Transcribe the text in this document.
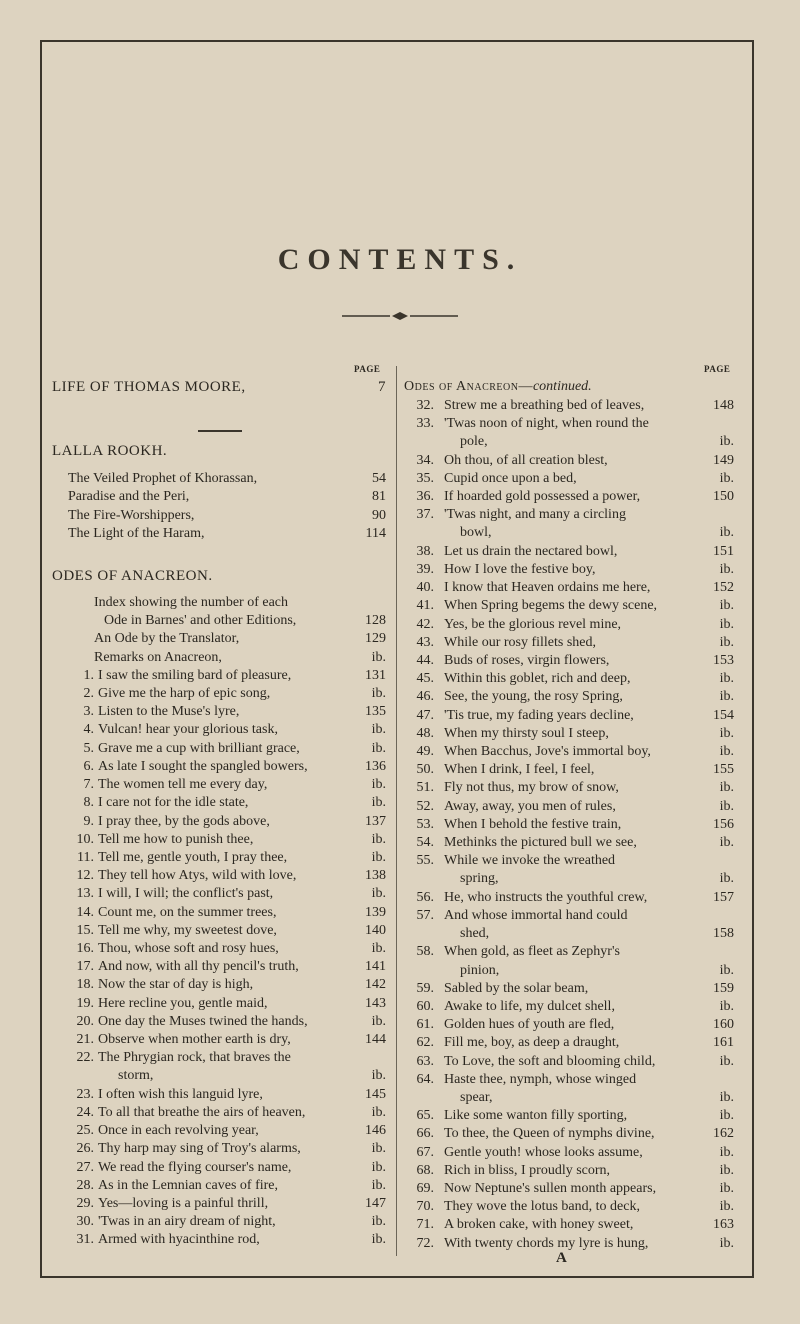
CONTENTS.
PAGE	PAGE
LIFE OF THOMAS MOORE,	7
LALLA ROOKH.
The Veiled Prophet of Khorassan,	54
Paradise and the Peri,	81
The Fire-Worshippers,	90
The Light of the Haram,	114
ODES OF ANACREON.
Index showing the number of each
Ode in Barnes' and other Editions,	128
An Ode by the Translator,	129
Remarks on Anacreon,	ib.
1. I saw the smiling bard of pleasure,	131
2. Give me the harp of epic song,	ib.
3. Listen to the Muse's lyre,	135
4. Vulcan! hear your glorious task,	ib.
5. Grave me a cup with brilliant grace,	ib.
6. As late I sought the spangled bowers,	136
7. The women tell me every day,	ib.
8. I care not for the idle state,	ib.
9. I pray thee, by the gods above,	137
10. Tell me how to punish thee,	ib.
11. Tell me, gentle youth, I pray thee,	ib.
12. They tell how Atys, wild with love,	138
13. I will, I will; the conflict's past,	ib.
14. Count me, on the summer trees,	139
15. Tell me why, my sweetest dove,	140
16. Thou, whose soft and rosy hues,	ib.
17. And now, with all thy pencil's truth,	141
18. Now the star of day is high,	142
19. Here recline you, gentle maid,	143
20. One day the Muses twined the hands,	ib.
21. Observe when mother earth is dry,	144
22. The Phrygian rock, that braves the
storm,	ib.
23. I often wish this languid lyre,	145
24. To all that breathe the airs of heaven,	ib.
25. Once in each revolving year,	146
26. Thy harp may sing of Troy's alarms,	ib.
27. We read the flying courser's name,	ib.
28. As in the Lemnian caves of fire,	ib.
29. Yes—loving is a painful thrill,	147
30. 'Twas in an airy dream of night,	ib.
31. Armed with hyacinthine rod,	ib.
Odes of Anacreon—continued.
32. Strew me a breathing bed of leaves,	148
33. 'Twas noon of night, when round the
pole,	ib.
34. Oh thou, of all creation blest,	149
35. Cupid once upon a bed,	ib.
36. If hoarded gold possessed a power,	150
37. 'Twas night, and many a circling
bowl,	ib.
38. Let us drain the nectared bowl,	151
39. How I love the festive boy,	ib.
40. I know that Heaven ordains me here,	152
41. When Spring begems the dewy scene,	ib.
42. Yes, be the glorious revel mine,	ib.
43. While our rosy fillets shed,	ib.
44. Buds of roses, virgin flowers,	153
45. Within this goblet, rich and deep,	ib.
46. See, the young, the rosy Spring,	ib.
47. 'Tis true, my fading years decline,	154
48. When my thirsty soul I steep,	ib.
49. When Bacchus, Jove's immortal boy,	ib.
50. When I drink, I feel, I feel,	155
51. Fly not thus, my brow of snow,	ib.
52. Away, away, you men of rules,	ib.
53. When I behold the festive train,	156
54. Methinks the pictured bull we see,	ib.
55. While we invoke the wreathed
spring,	ib.
56. He, who instructs the youthful crew,	157
57. And whose immortal hand could
shed,	158
58. When gold, as fleet as Zephyr's
pinion,	ib.
59. Sabled by the solar beam,	159
60. Awake to life, my dulcet shell,	ib.
61. Golden hues of youth are fled,	160
62. Fill me, boy, as deep a draught,	161
63. To Love, the soft and blooming child,	ib.
64. Haste thee, nymph, whose winged
spear,	ib.
65. Like some wanton filly sporting,	ib.
66. To thee, the Queen of nymphs divine,	162
67. Gentle youth! whose looks assume,	ib.
68. Rich in bliss, I proudly scorn,	ib.
69. Now Neptune's sullen month appears,	ib.
70. They wove the lotus band, to deck,	ib.
71. A broken cake, with honey sweet,	163
72. With twenty chords my lyre is hung,	ib.
A
